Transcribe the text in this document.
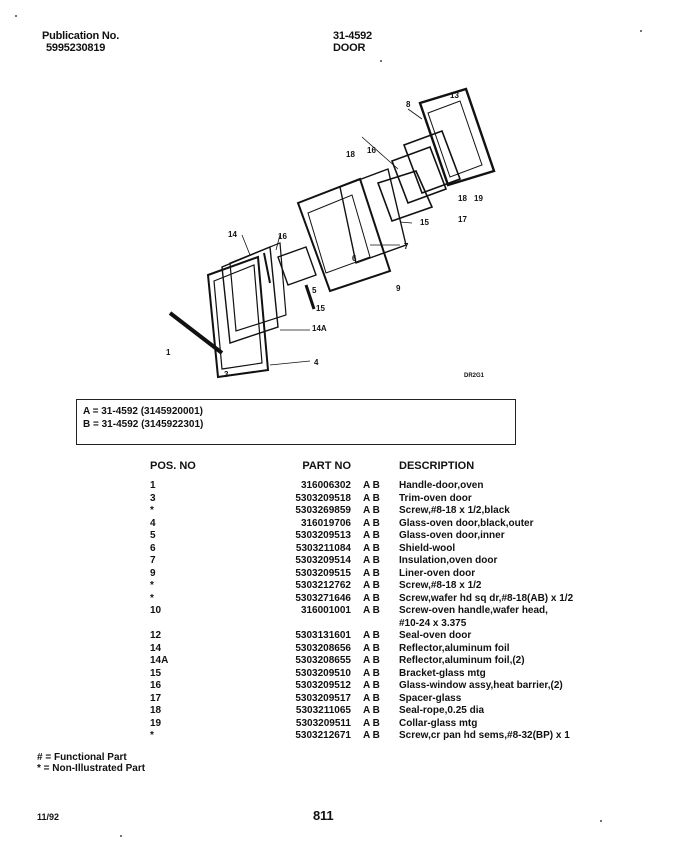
Publication No.
5995230819
31-4592
DOOR
13
8
18 16
19
18
17
15
7
6
9
14	16
5
15
14A
4
1
3	DR2G1
A = 31-4592 (3145920001)
B = 31-4592 (3145922301)
POS. NO	PART NO		DESCRIPTION
1	316006302	A B	Handle-door,oven
3	5303209518	A B	Trim-oven door
*	5303269859	A B	Screw,#8-18 x 1/2,black
4	316019706	A B	Glass-oven door,black,outer
5	5303209513	A B	Glass-oven door,inner
6	5303211084	A B	Shield-wool
7	5303209514	A B	Insulation,oven door
9	5303209515	A B	Liner-oven door
*	5303212762	A B	Screw,#8-18 x 1/2
*	5303271646	A B	Screw,wafer hd sq dr,#8-18(AB) x 1/2
10	316001001	A B	Screw-oven handle,wafer head,
			#10-24 x 3.375
12	5303131601	A B	Seal-oven door
14	5303208656	A B	Reflector,aluminum foil
14A	5303208655	A B	Reflector,aluminum foil,(2)
15	5303209510	A B	Bracket-glass mtg
16	5303209512	A B	Glass-window assy,heat barrier,(2)
17	5303209517	A B	Spacer-glass
18	5303211065	A B	Seal-rope,0.25 dia
19	5303209511	A B	Collar-glass mtg
*	5303212671	A B	Screw,cr pan hd sems,#8-32(BP) x 1
# = Functional Part
* = Non-Illustrated Part
11/92	811
